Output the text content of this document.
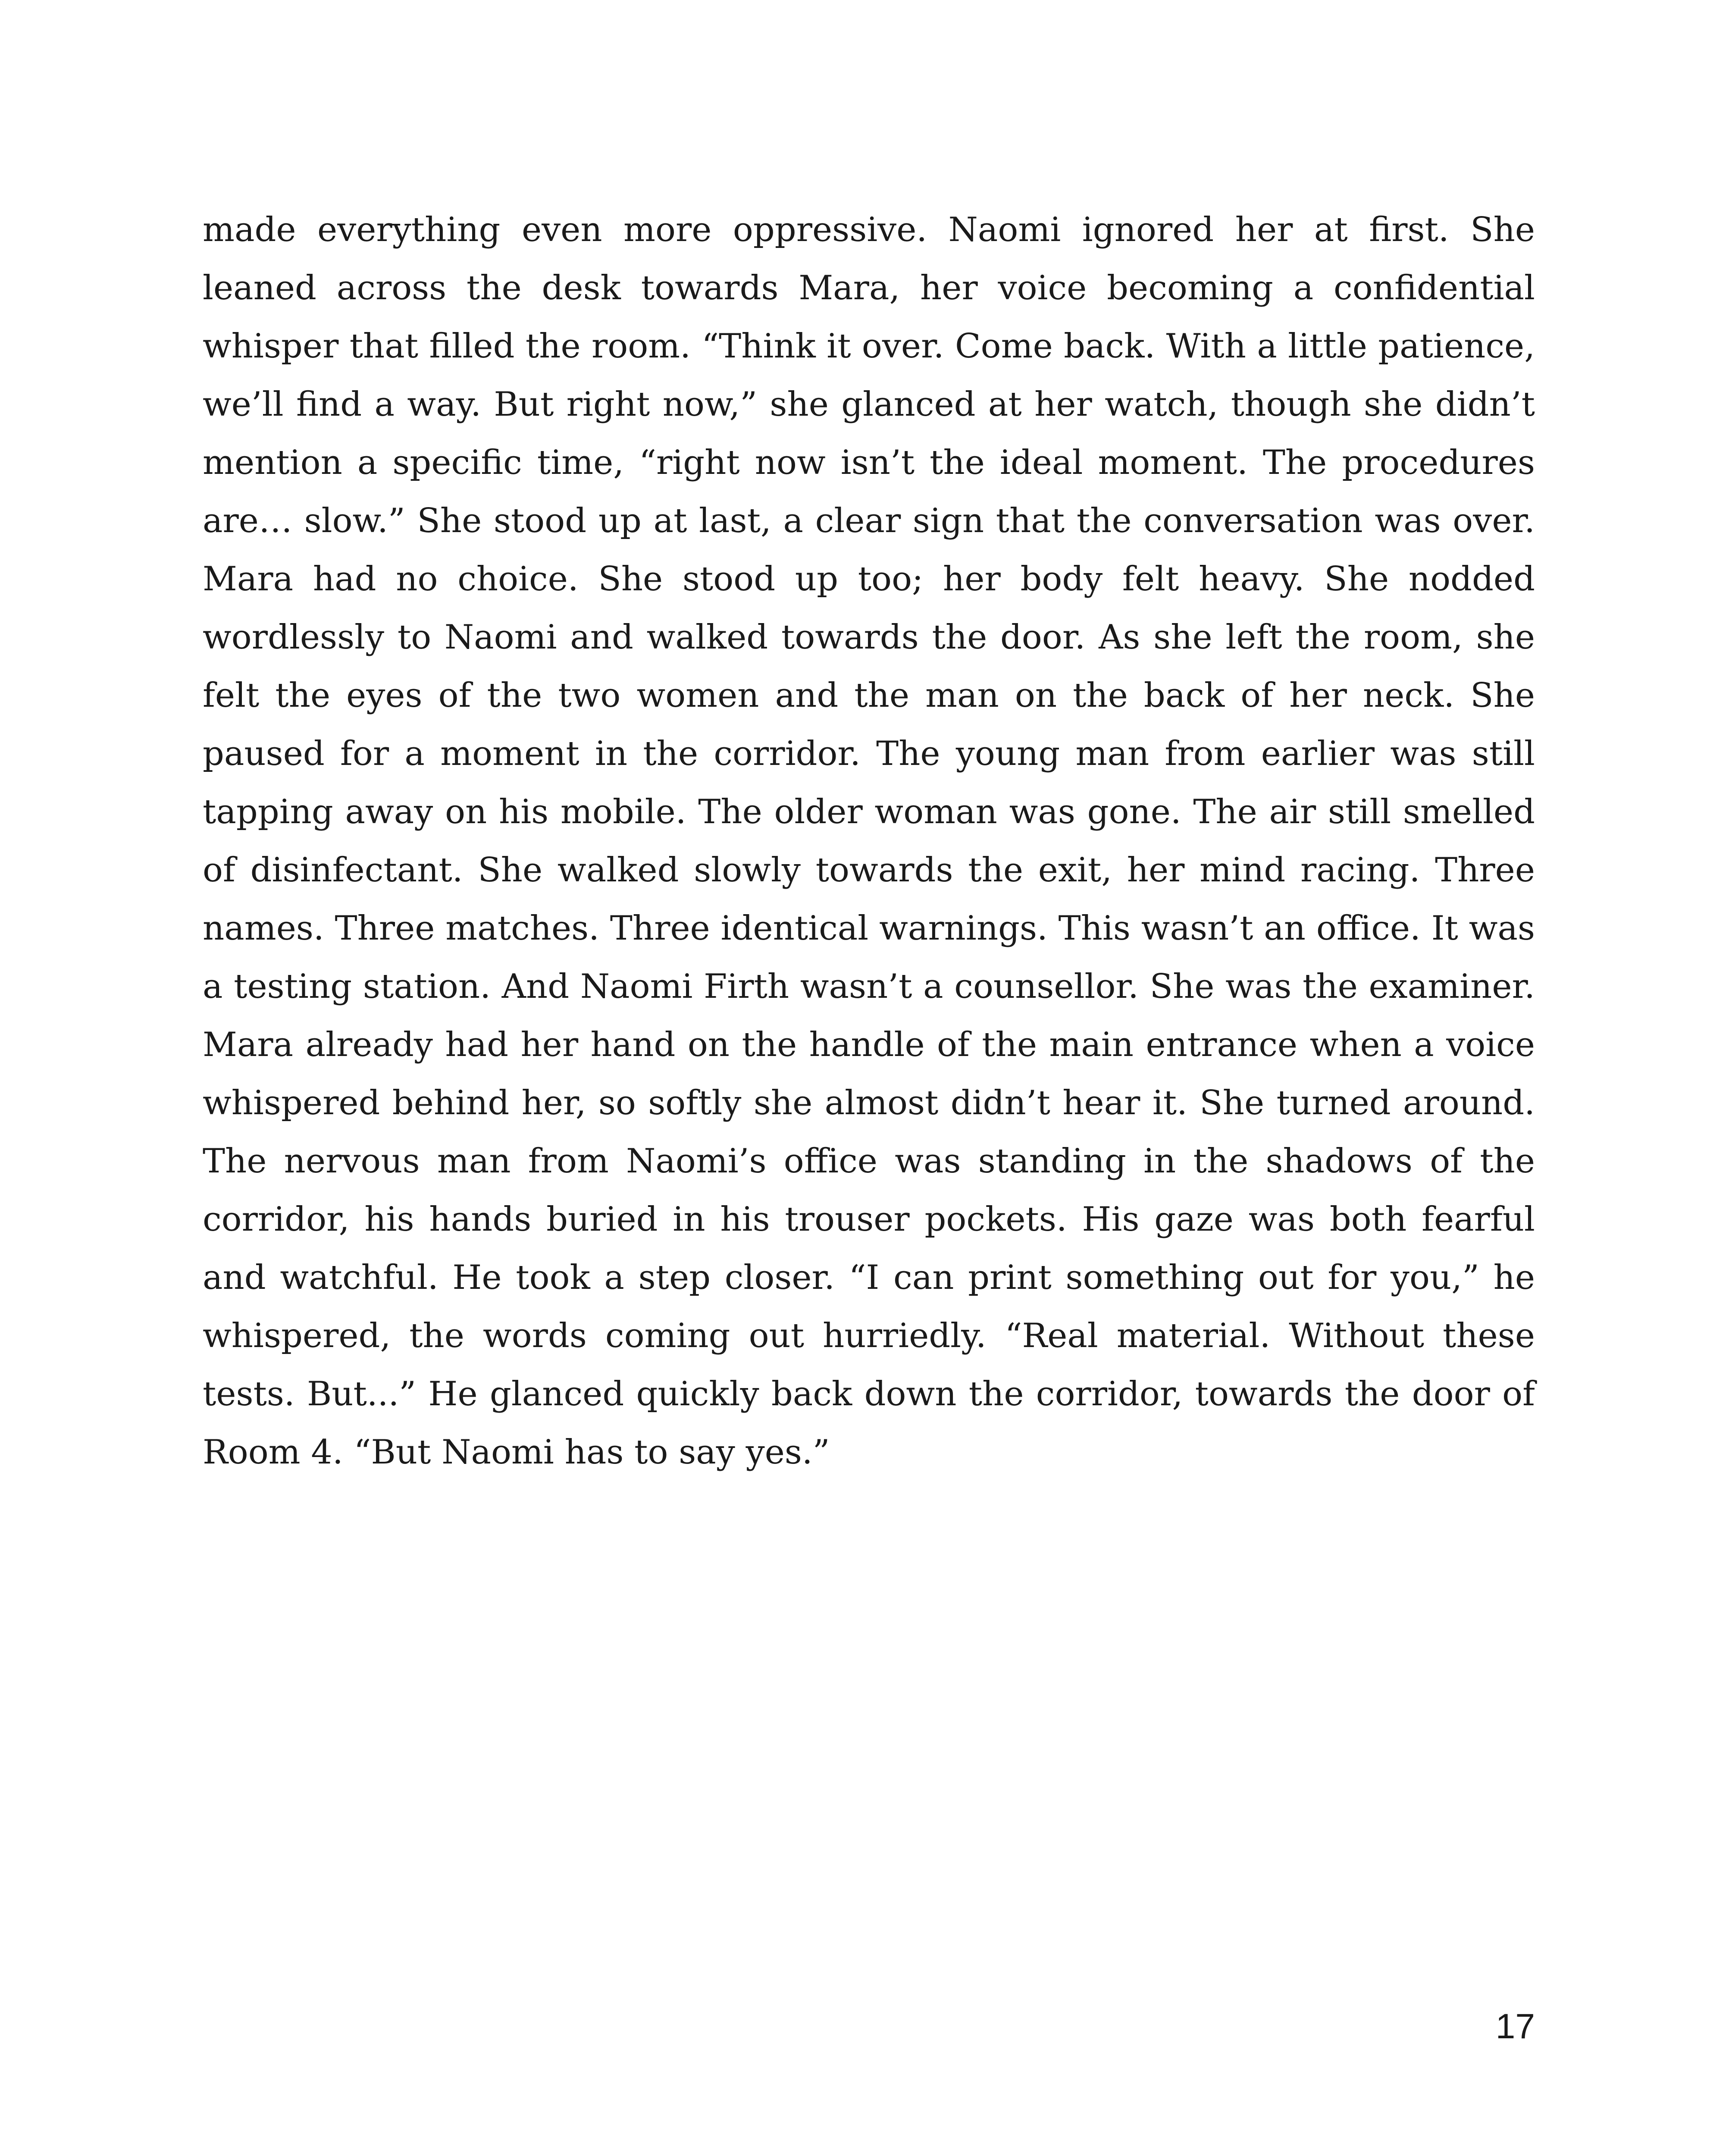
made everything even more oppressive. Naomi ignored her at first. She leaned across the desk towards Mara, her voice becoming a confidential whisper that filled the room. “Think it over. Come back. With a little patience, we’ll find a way. But right now,” she glanced at her watch, though she didn’t mention a specific time, “right now isn’t the ideal moment. The procedures are… slow.” She stood up at last, a clear sign that the conversation was over. Mara had no choice. She stood up too; her body felt heavy. She nodded wordlessly to Naomi and walked towards the door. As she left the room, she felt the eyes of the two women and the man on the back of her neck. She paused for a moment in the corridor. The young man from earlier was still tapping away on his mobile. The older woman was gone. The air still smelled of disinfectant. She walked slowly towards the exit, her mind racing. Three names. Three matches. Three identical warnings. This wasn’t an office. It was a testing station. And Naomi Firth wasn’t a counsellor. She was the examiner. Mara already had her hand on the handle of the main entrance when a voice whispered behind her, so softly she almost didn’t hear it. She turned around. The nervous man from Naomi’s office was standing in the shadows of the corridor, his hands buried in his trouser pockets. His gaze was both fearful and watchful. He took a step closer. “I can print something out for you,” he whispered, the words coming out hurriedly. “Real material. Without these tests. But...” He glanced quickly back down the corridor, towards the door of Room 4. “But Naomi has to say yes.”

17
